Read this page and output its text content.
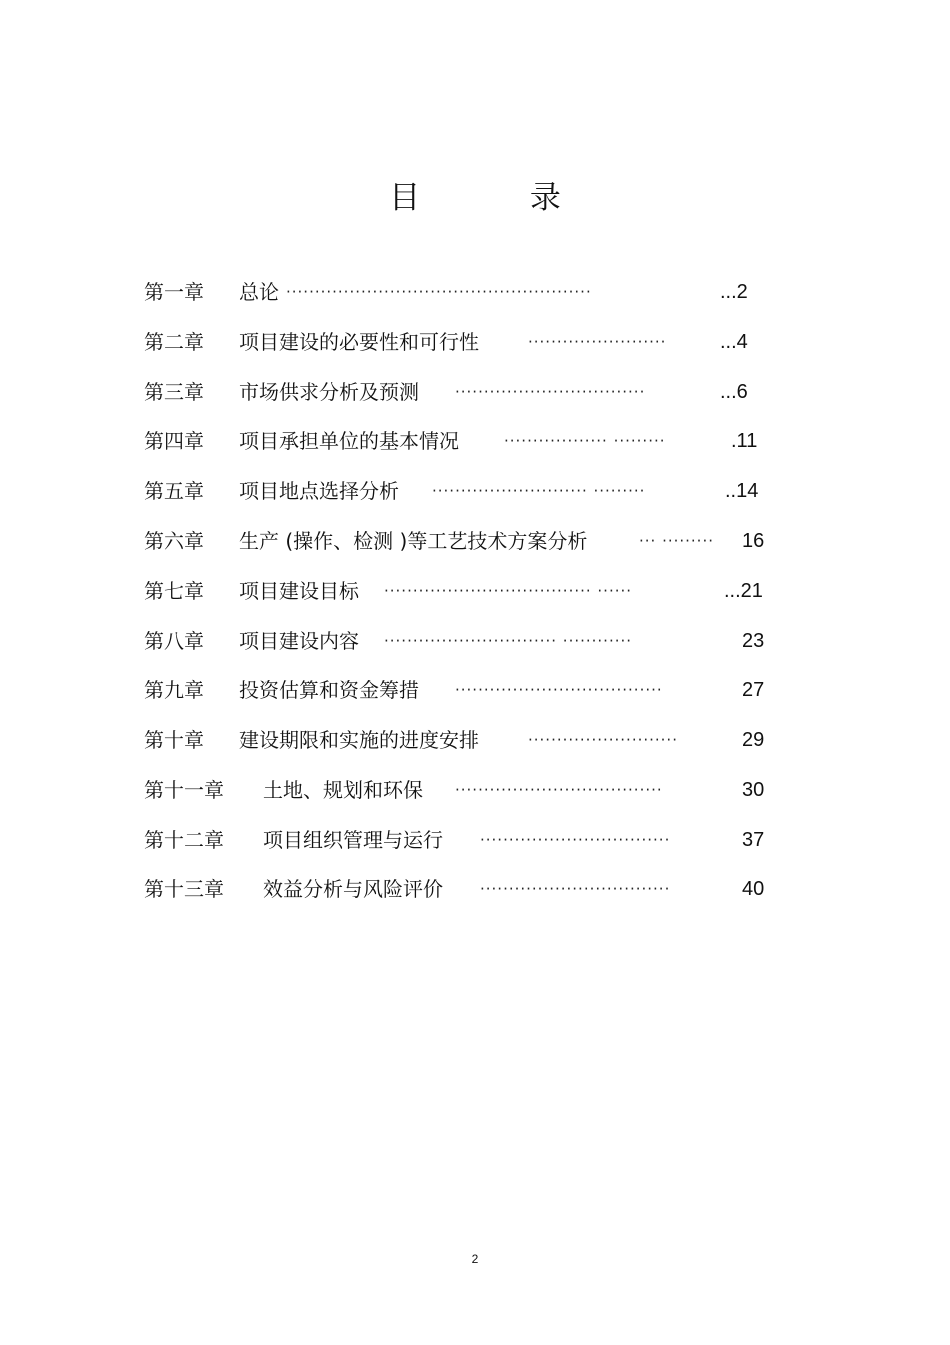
目 录
第一章 总论 ·····················································	...2
第二章 项目建设的必要性和可行性	························	...4
第三章 市场供求分析及预测 ·································	...6
第四章 项目承担单位的基本情况	·················· ·········	.11
第五章 项目地点选择分析 ··························· ·········	..14
第六章 生产 (操作、检测 )等工艺技术方案分析	··· ········· 16
第七章 项目建设目标 ···································· ······	...21
第八章 项目建设内容 ······························ ············	23
第九章 投资估算和资金筹措 ····································	27
第十章 建设期限和实施的进度安排	··························	29
第十一章 土地、规划和环保 ····································	30
第十二章 项目组织管理与运行 ·································	37
第十三章 效益分析与风险评价 ·································	40
2
